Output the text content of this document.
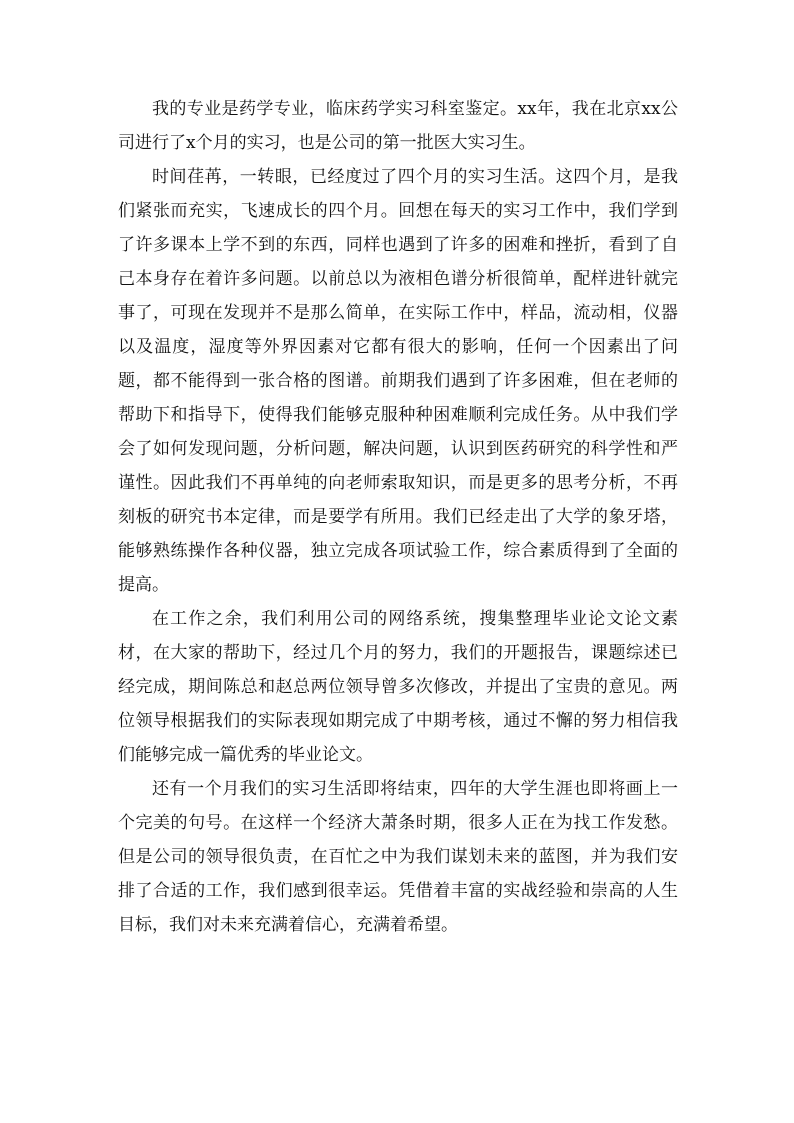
我的专业是药学专业，临床药学实习科室鉴定。xx年，我在北京xx公司进行了x个月的实习，也是公司的第一批医大实习生。

时间荏苒，一转眼，已经度过了四个月的实习生活。这四个月，是我们紧张而充实，飞速成长的四个月。回想在每天的实习工作中，我们学到了许多课本上学不到的东西，同样也遇到了许多的困难和挫折，看到了自己本身存在着许多问题。以前总以为液相色谱分析很简单，配样进针就完事了，可现在发现并不是那么简单，在实际工作中，样品，流动相，仪器以及温度，湿度等外界因素对它都有很大的影响，任何一个因素出了问题，都不能得到一张合格的图谱。前期我们遇到了许多困难，但在老师的帮助下和指导下，使得我们能够克服种种困难顺利完成任务。从中我们学会了如何发现问题，分析问题，解决问题，认识到医药研究的科学性和严谨性。因此我们不再单纯的向老师索取知识，而是更多的思考分析，不再刻板的研究书本定律，而是要学有所用。我们已经走出了大学的象牙塔，能够熟练操作各种仪器，独立完成各项试验工作，综合素质得到了全面的提高。

在工作之余，我们利用公司的网络系统，搜集整理毕业论文论文素材，在大家的帮助下，经过几个月的努力，我们的开题报告，课题综述已经完成，期间陈总和赵总两位领导曾多次修改，并提出了宝贵的意见。两位领导根据我们的实际表现如期完成了中期考核，通过不懈的努力相信我们能够完成一篇优秀的毕业论文。

还有一个月我们的实习生活即将结束，四年的大学生涯也即将画上一个完美的句号。在这样一个经济大萧条时期，很多人正在为找工作发愁。但是公司的领导很负责，在百忙之中为我们谋划未来的蓝图，并为我们安排了合适的工作，我们感到很幸运。凭借着丰富的实战经验和崇高的人生目标，我们对未来充满着信心，充满着希望。
